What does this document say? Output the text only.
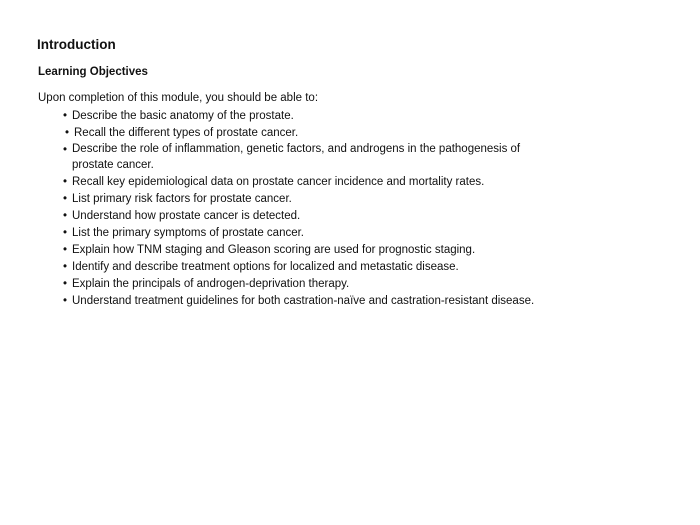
Introduction
Learning Objectives

Upon completion of this module, you should be able to:

• Describe the basic anatomy of the prostate.
• Recall the different types of prostate cancer.
• Describe the role of inflammation, genetic factors, and androgens in the pathogenesis of prostate cancer.
• Recall key epidemiological data on prostate cancer incidence and mortality rates.
• List primary risk factors for prostate cancer.
• Understand how prostate cancer is detected.
• List the primary symptoms of prostate cancer.
• Explain how TNM staging and Gleason scoring are used for prognostic staging.
• Identify and describe treatment options for localized and metastatic disease.
• Explain the principals of androgen-deprivation therapy.
• Understand treatment guidelines for both castration-naïve and castration-resistant disease.
